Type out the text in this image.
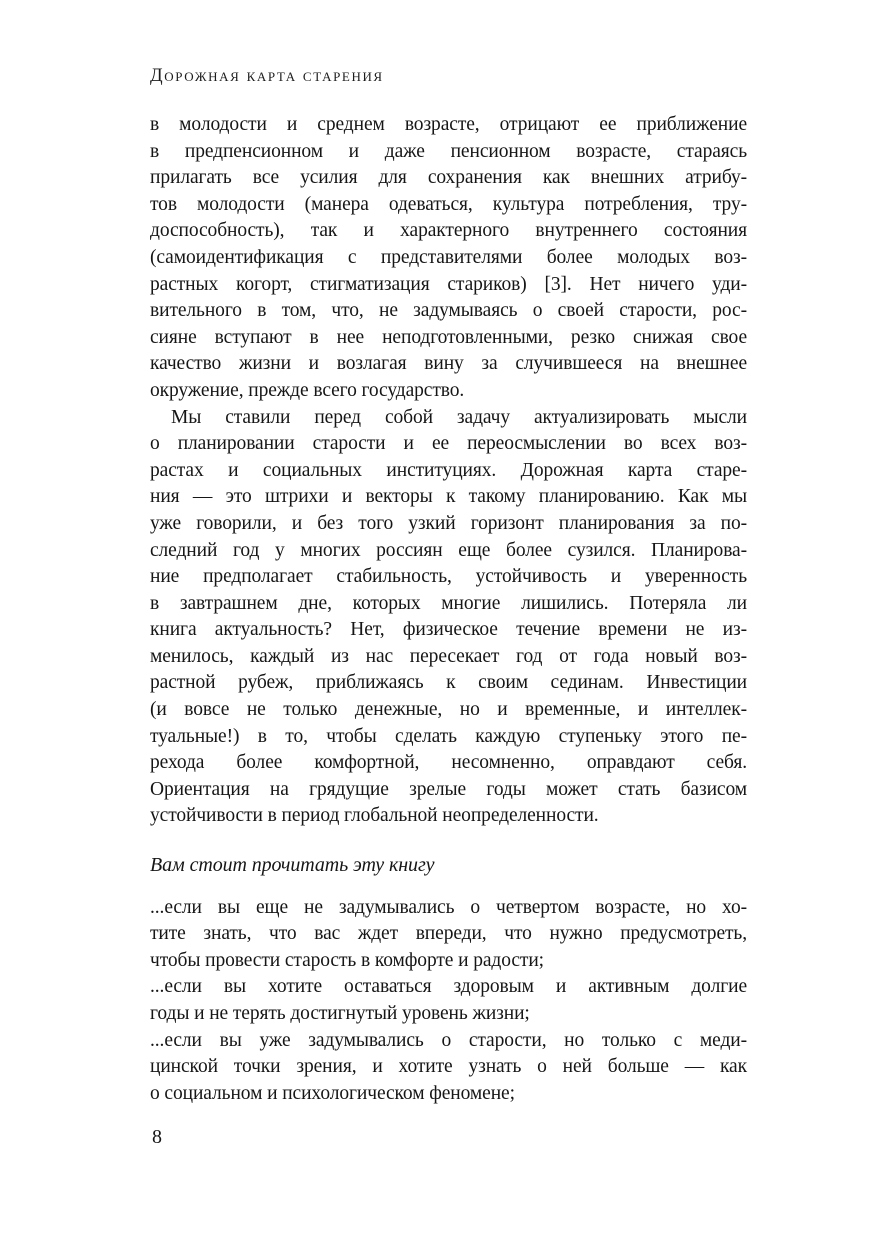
Дорожная карта старения
в молодости и среднем возрасте, отрицают ее приближение
в предпенсионном и даже пенсионном возрасте, стараясь
прилагать все усилия для сохранения как внешних атрибу-
тов молодости (манера одеваться, культура потребления, тру-
доспособность), так и характерного внутреннего состояния
(самоидентификация с представителями более молодых воз-
растных когорт, стигматизация стариков) [3]. Нет ничего уди-
вительного в том, что, не задумываясь о своей старости, рос-
сияне вступают в нее неподготовленными, резко снижая свое
качество жизни и возлагая вину за случившееся на внешнее
окружение, прежде всего государство.
Мы ставили перед собой задачу актуализировать мысли
о планировании старости и ее переосмыслении во всех воз-
растах и социальных институциях. Дорожная карта старе-
ния — это штрихи и векторы к такому планированию. Как мы
уже говорили, и без того узкий горизонт планирования за по-
следний год у многих россиян еще более сузился. Планирова-
ние предполагает стабильность, устойчивость и уверенность
в завтрашнем дне, которых многие лишились. Потеряла ли
книга актуальность? Нет, физическое течение времени не из-
менилось, каждый из нас пересекает год от года новый воз-
растной рубеж, приближаясь к своим сединам. Инвестиции
(и вовсе не только денежные, но и временные, и интеллек-
туальные!) в то, чтобы сделать каждую ступеньку этого пе-
рехода более комфортной, несомненно, оправдают себя.
Ориентация на грядущие зрелые годы может стать базисом
устойчивости в период глобальной неопределенности.
Вам стоит прочитать эту книгу
...если вы еще не задумывались о четвертом возрасте, но хо-
тите знать, что вас ждет впереди, что нужно предусмотреть,
чтобы провести старость в комфорте и радости;
...если вы хотите оставаться здоровым и активным долгие
годы и не терять достигнутый уровень жизни;
...если вы уже задумывались о старости, но только с меди-
цинской точки зрения, и хотите узнать о ней больше — как
о социальном и психологическом феномене;
8
